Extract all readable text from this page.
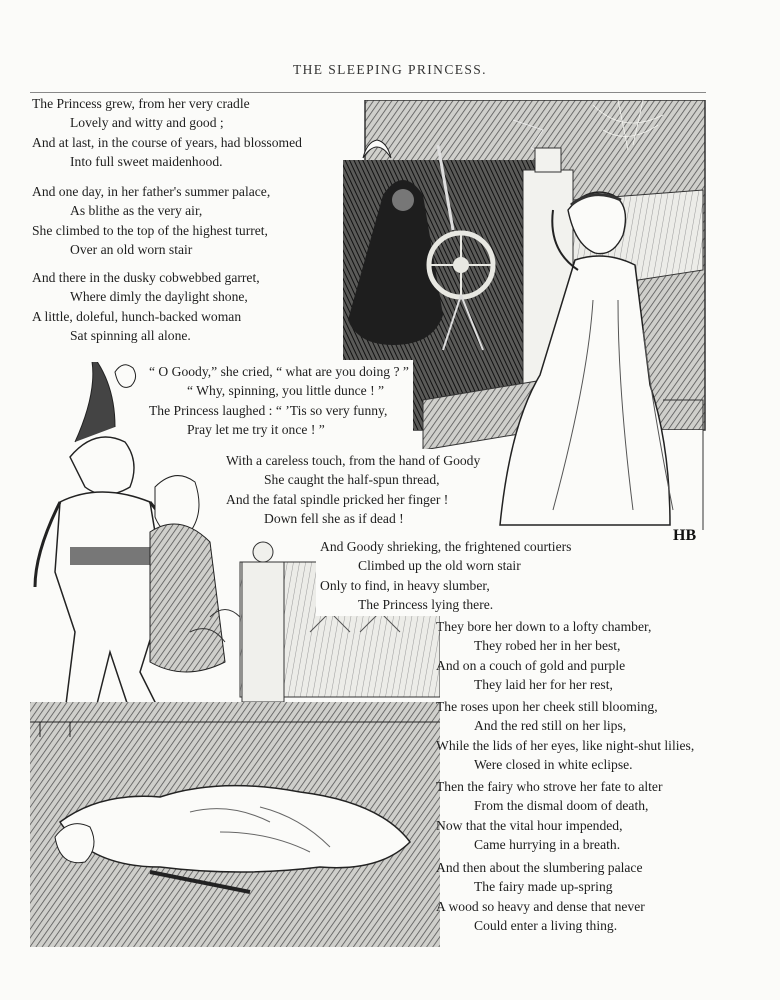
THE SLEEPING PRINCESS.
HB
The Princess grew, from her very cradle
Lovely and witty and good ;
And at last, in the course of years, had blossomed
Into full sweet maidenhood.
And one day, in her father's summer palace,
As blithe as the very air,
She climbed to the top of the highest turret,
Over an old worn stair
And there in the dusky cobwebbed garret,
Where dimly the daylight shone,
A little, doleful, hunch-backed woman
Sat spinning all alone.
“ O Goody,” she cried, “ what are you doing ? ”
“ Why, spinning, you little dunce ! ”
The Princess laughed : “ ’Tis so very funny,
Pray let me try it once ! ”
With a careless touch, from the hand of Goody
She caught the half-spun thread,
And the fatal spindle pricked her finger !
Down fell she as if dead !
And Goody shrieking, the frightened courtiers
Climbed up the old worn stair
Only to find, in heavy slumber,
The Princess lying there.
They bore her down to a lofty chamber,
They robed her in her best,
And on a couch of gold and purple
They laid her for her rest,
The roses upon her cheek still blooming,
And the red still on her lips,
While the lids of her eyes, like night-shut lilies,
Were closed in white eclipse.
Then the fairy who strove her fate to alter
From the dismal doom of death,
Now that the vital hour impended,
Came hurrying in a breath.
And then about the slumbering palace
The fairy made up-spring
A wood so heavy and dense that never
Could enter a living thing.
